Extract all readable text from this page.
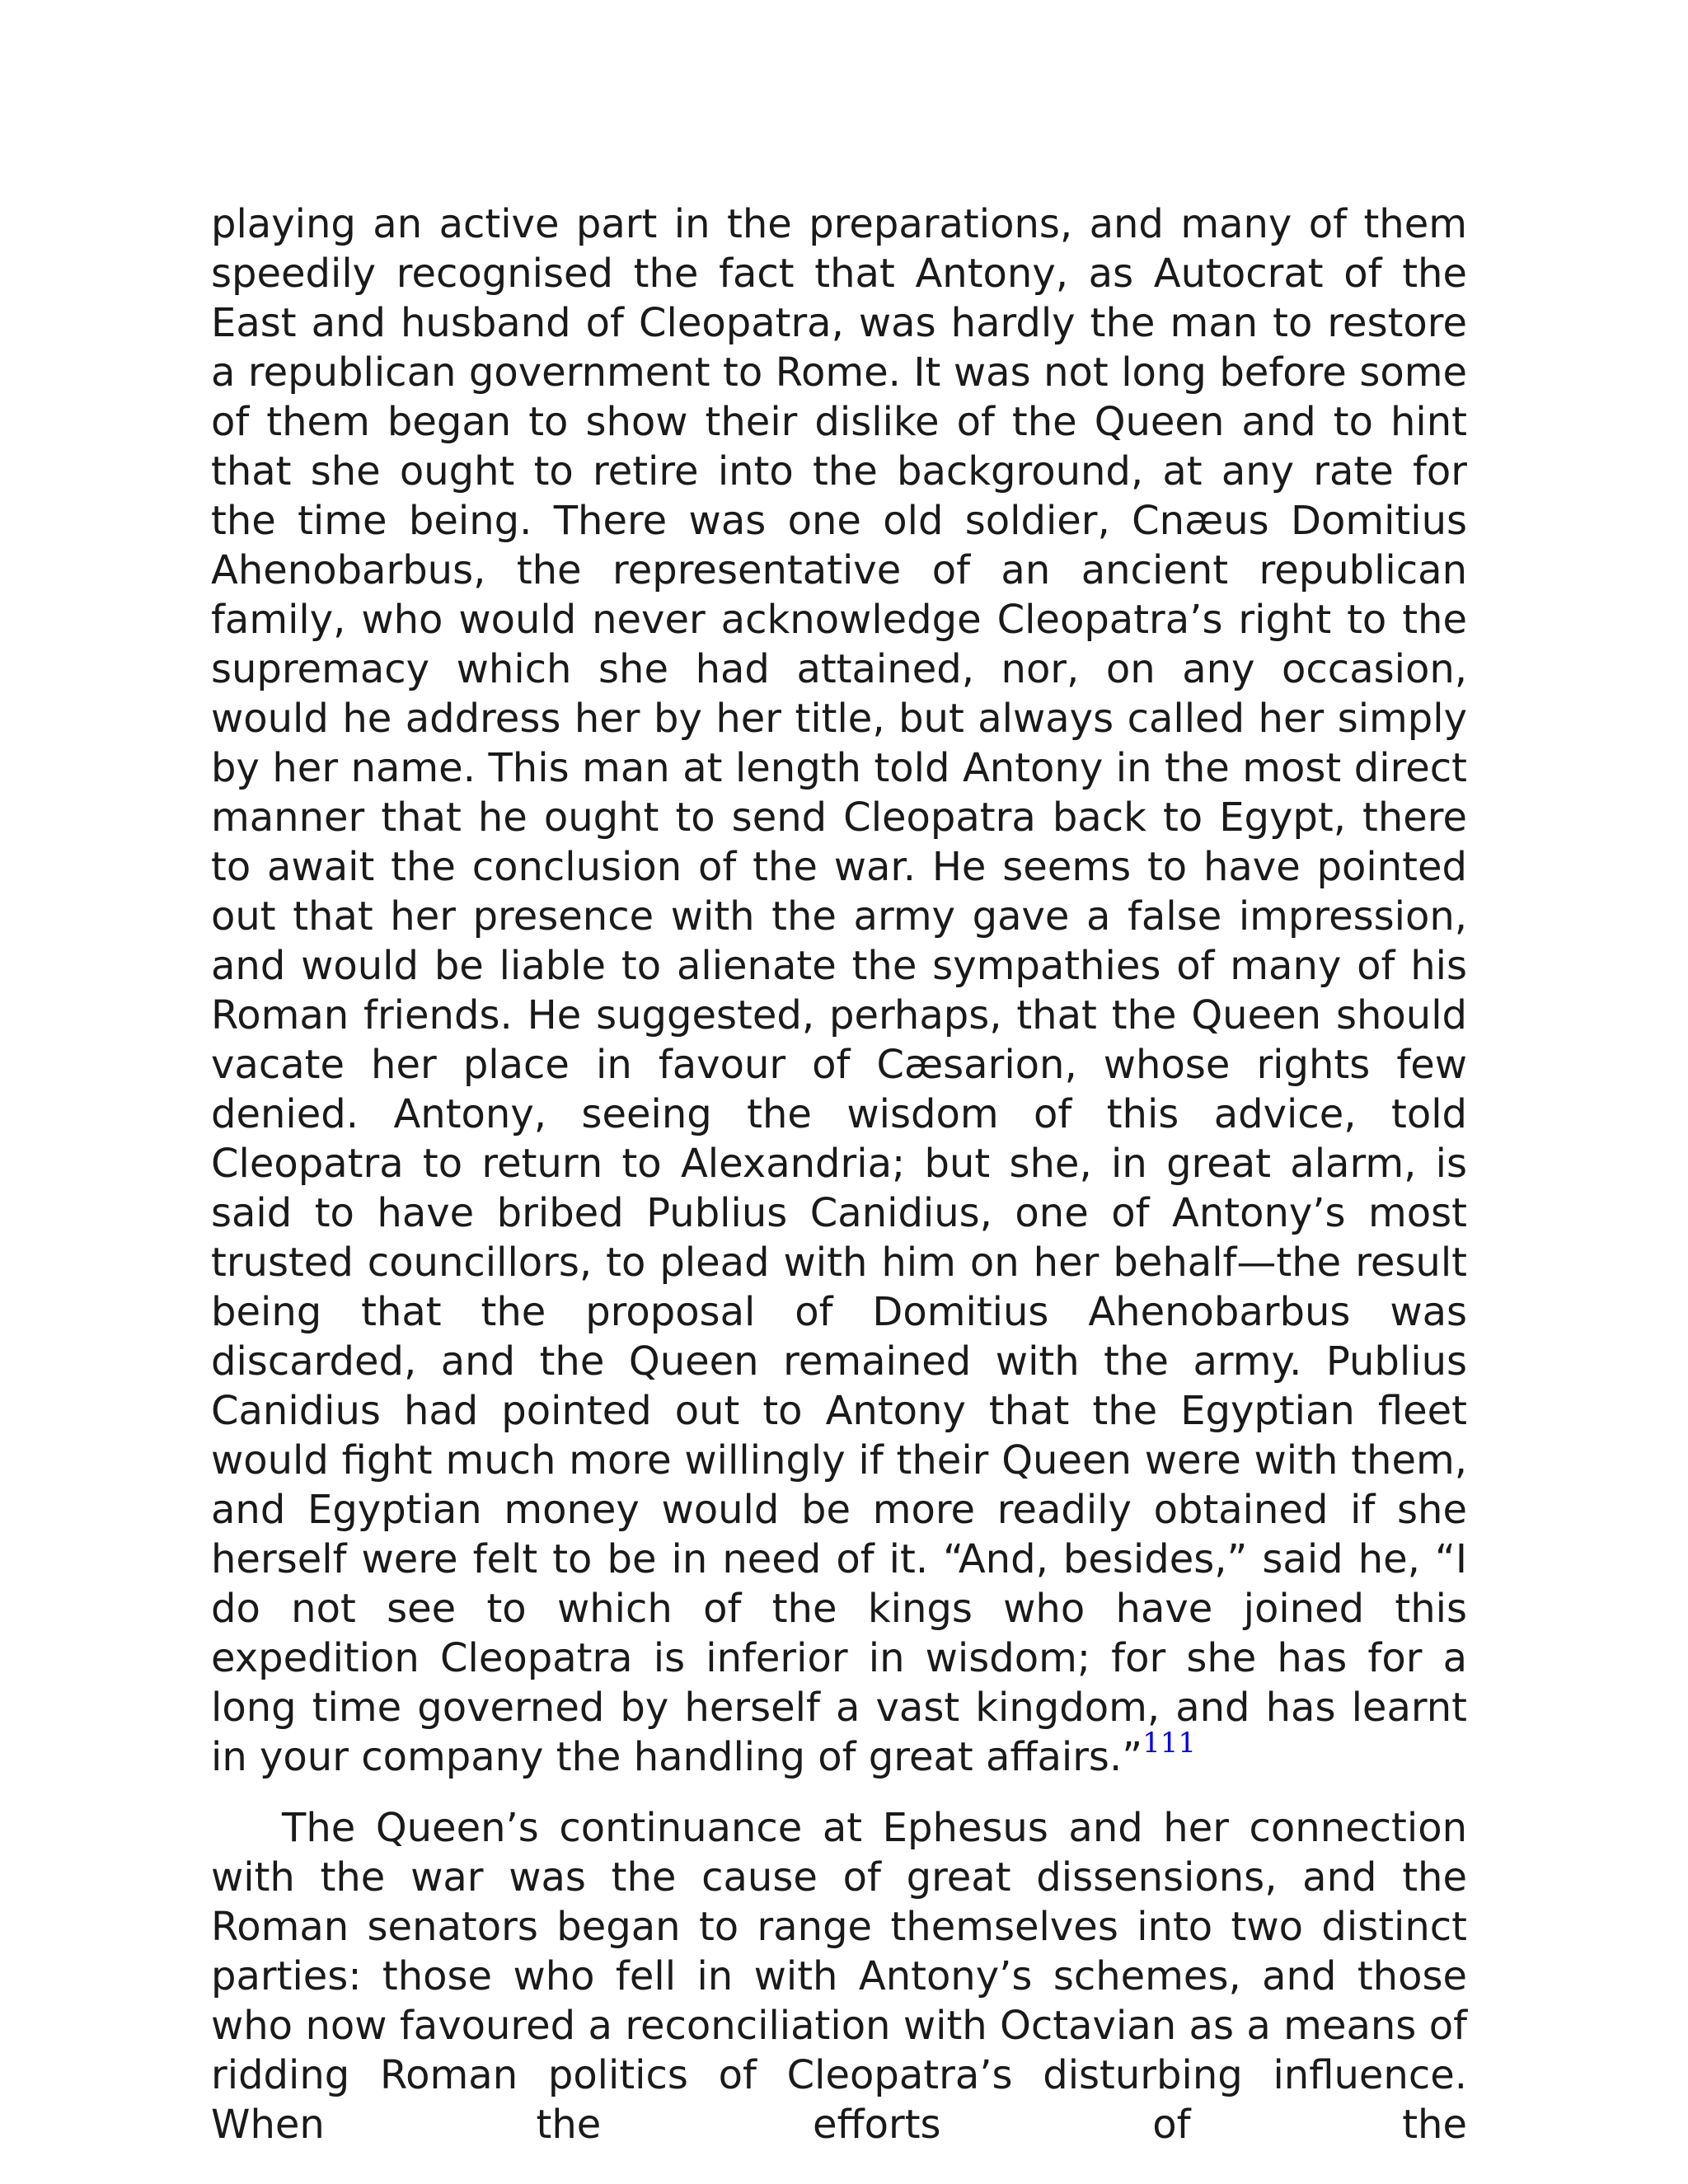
playing an active part in the preparations, and many of them speedily recognised the fact that Antony, as Autocrat of the East and husband of Cleopatra, was hardly the man to restore a republican government to Rome. It was not long before some of them began to show their dislike of the Queen and to hint that she ought to retire into the background, at any rate for the time being. There was one old soldier, Cnæus Domitius Ahenobarbus, the representative of an ancient republican family, who would never acknowledge Cleopatra’s right to the supremacy which she had attained, nor, on any occasion, would he address her by her title, but always called her simply by her name. This man at length told Antony in the most direct manner that he ought to send Cleopatra back to Egypt, there to await the conclusion of the war. He seems to have pointed out that her presence with the army gave a false impression, and would be liable to alienate the sympathies of many of his Roman friends. He suggested, perhaps, that the Queen should vacate her place in favour of Cæsarion, whose rights few denied. Antony, seeing the wisdom of this advice, told Cleopatra to return to Alexandria; but she, in great alarm, is said to have bribed Publius Canidius, one of Antony’s most trusted councillors, to plead with him on her behalf—the result being that the proposal of Domitius Ahenobarbus was discarded, and the Queen remained with the army. Publius Canidius had pointed out to Antony that the Egyptian fleet would fight much more willingly if their Queen were with them, and Egyptian money would be more readily obtained if she herself were felt to be in need of it. “And, besides,” said he, “I do not see to which of the kings who have joined this expedition Cleopatra is inferior in wisdom; for she has for a long time governed by herself a vast kingdom, and has learnt in your company the handling of great affairs.”$^{111}$

The Queen’s continuance at Ephesus and her connection with the war was the cause of great dissensions, and the Roman senators began to range themselves into two distinct parties: those who fell in with Antony’s schemes, and those who now favoured a reconciliation with Octavian as a means of ridding Roman politics of Cleopatra’s disturbing influence. When the efforts of the
